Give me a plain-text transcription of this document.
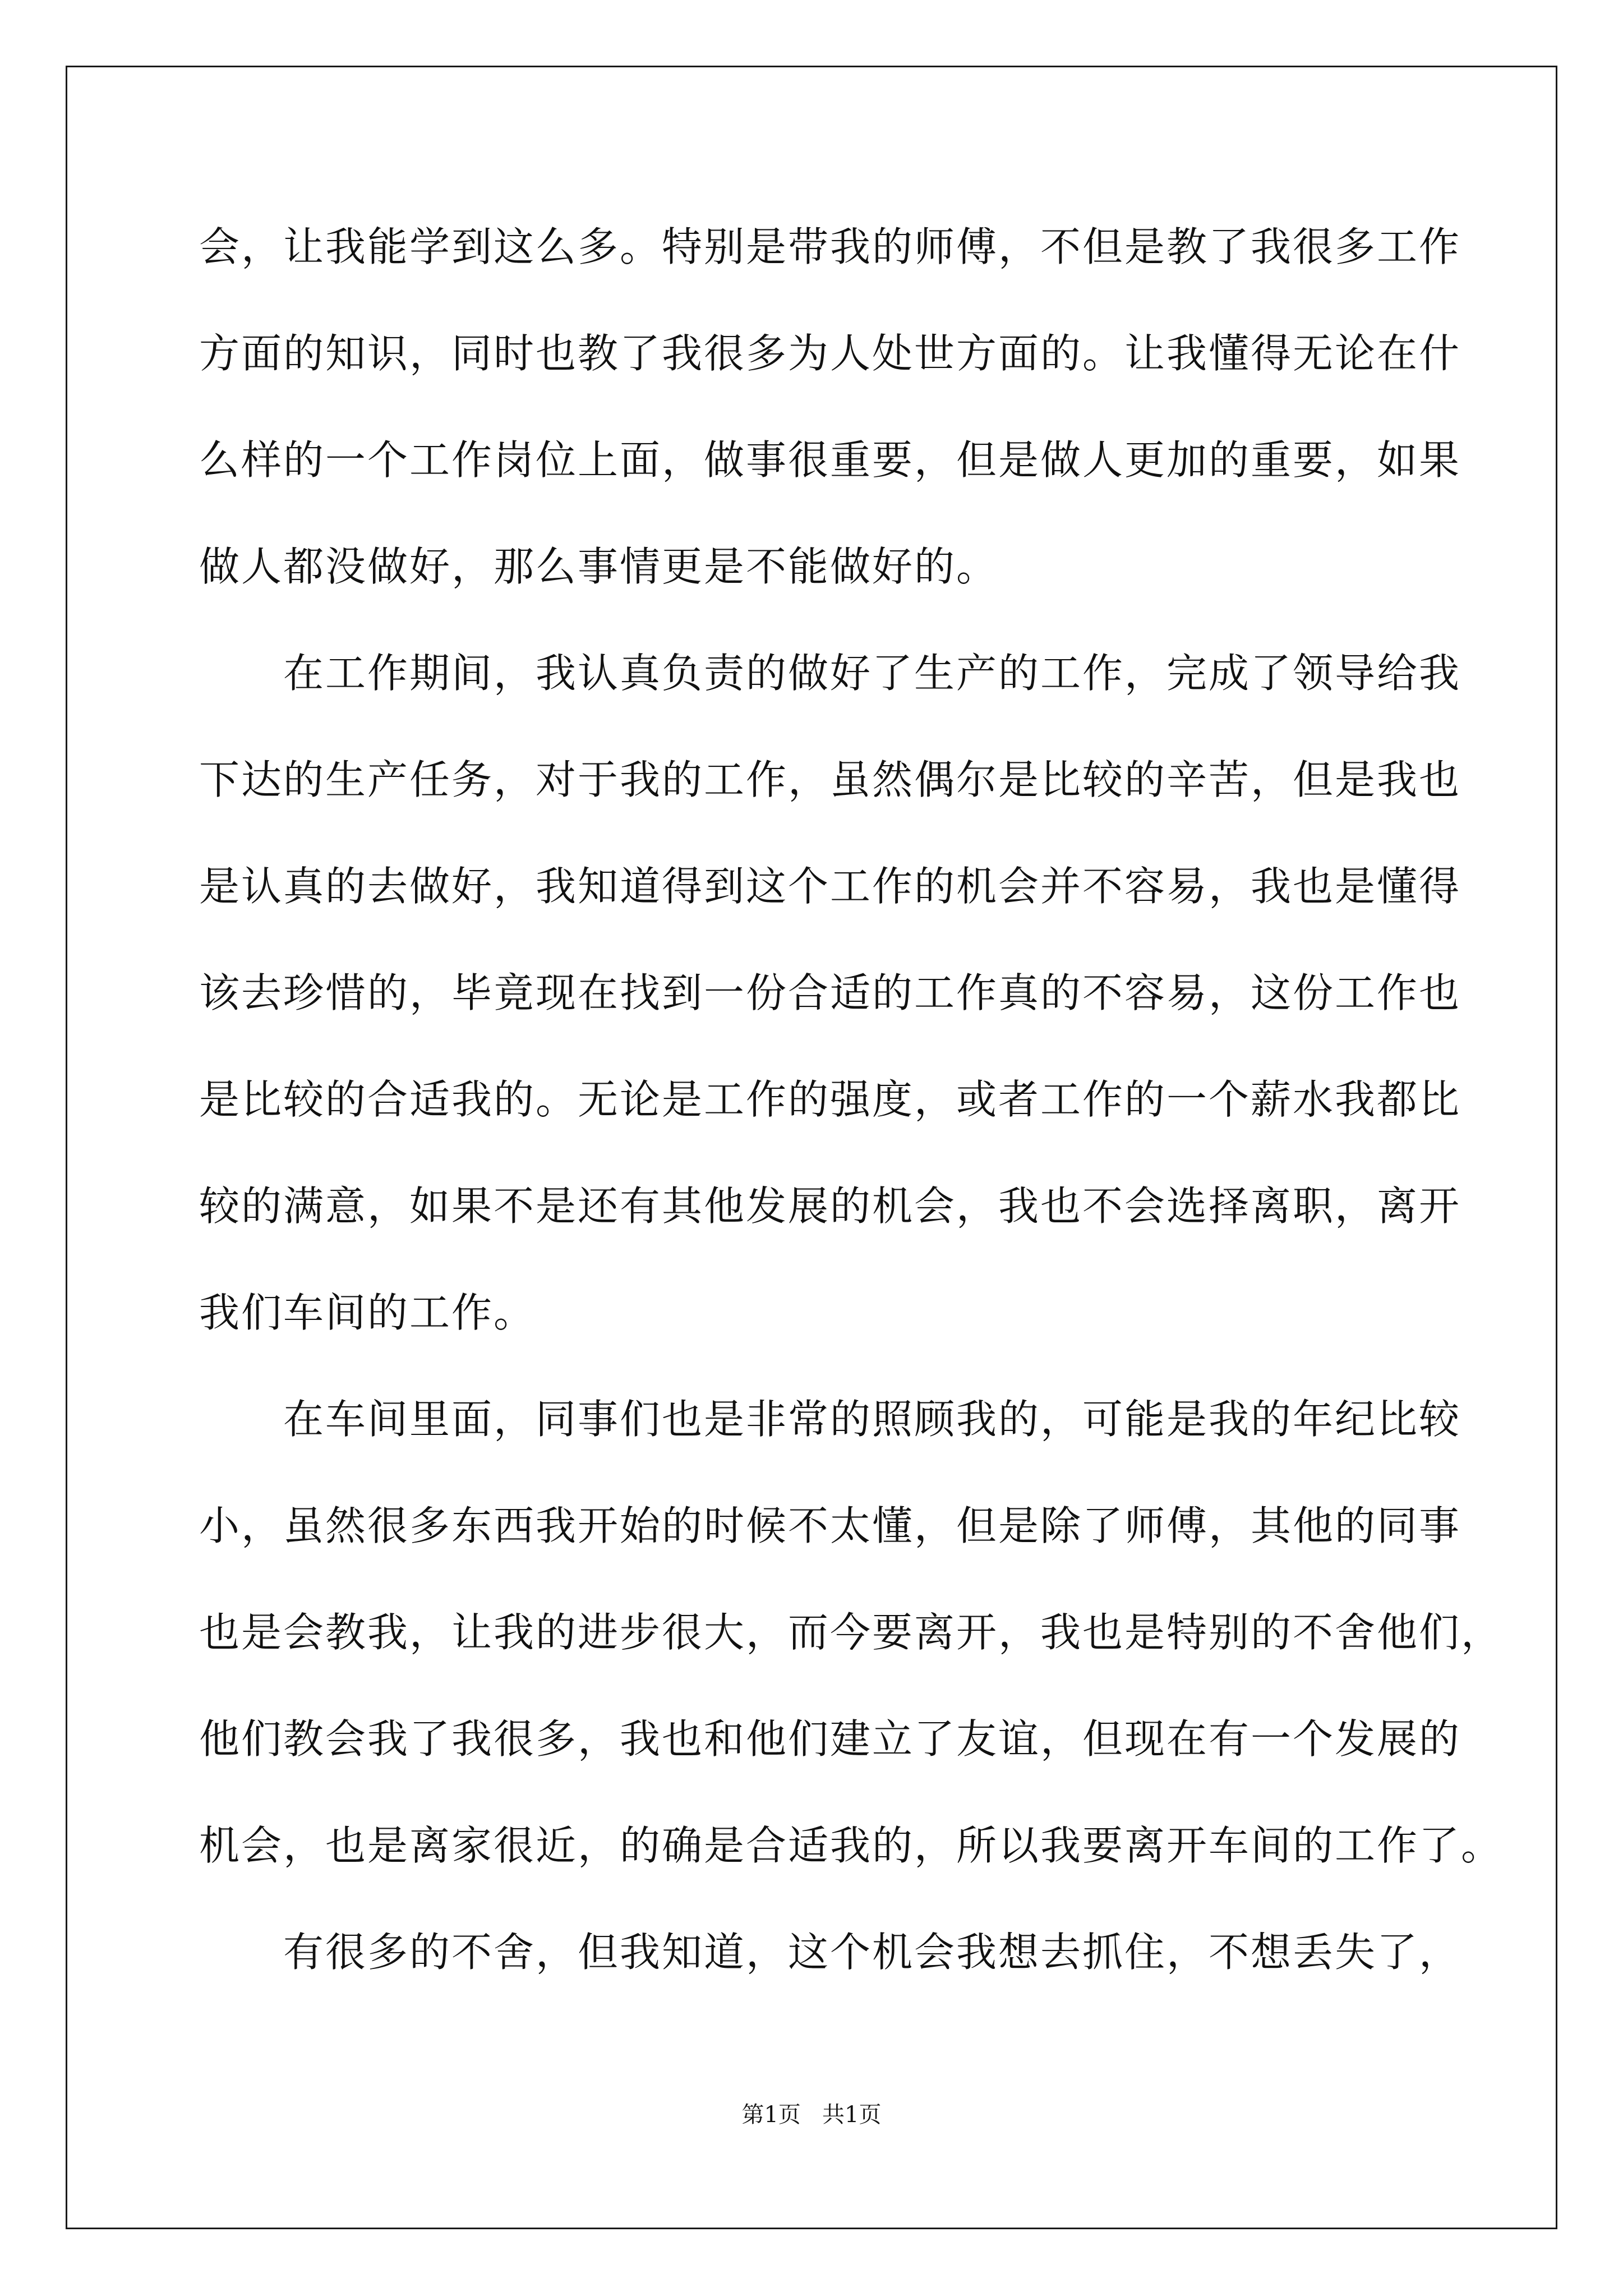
会，让我能学到这么多。特别是带我的师傅，不但是教了我很多工作
方面的知识，同时也教了我很多为人处世方面的。让我懂得无论在什
么样的一个工作岗位上面，做事很重要，但是做人更加的重要，如果
做人都没做好，那么事情更是不能做好的。
　　在工作期间，我认真负责的做好了生产的工作，完成了领导给我
下达的生产任务，对于我的工作，虽然偶尔是比较的辛苦，但是我也
是认真的去做好，我知道得到这个工作的机会并不容易，我也是懂得
该去珍惜的，毕竟现在找到一份合适的工作真的不容易，这份工作也
是比较的合适我的。无论是工作的强度，或者工作的一个薪水我都比
较的满意，如果不是还有其他发展的机会，我也不会选择离职，离开
我们车间的工作。
　　在车间里面，同事们也是非常的照顾我的，可能是我的年纪比较
小，虽然很多东西我开始的时候不太懂，但是除了师傅，其他的同事
也是会教我，让我的进步很大，而今要离开，我也是特别的不舍他们，
他们教会我了我很多，我也和他们建立了友谊，但现在有一个发展的
机会，也是离家很近，的确是合适我的，所以我要离开车间的工作了。
　　有很多的不舍，但我知道，这个机会我想去抓住，不想丢失了，
第1页   共1页
